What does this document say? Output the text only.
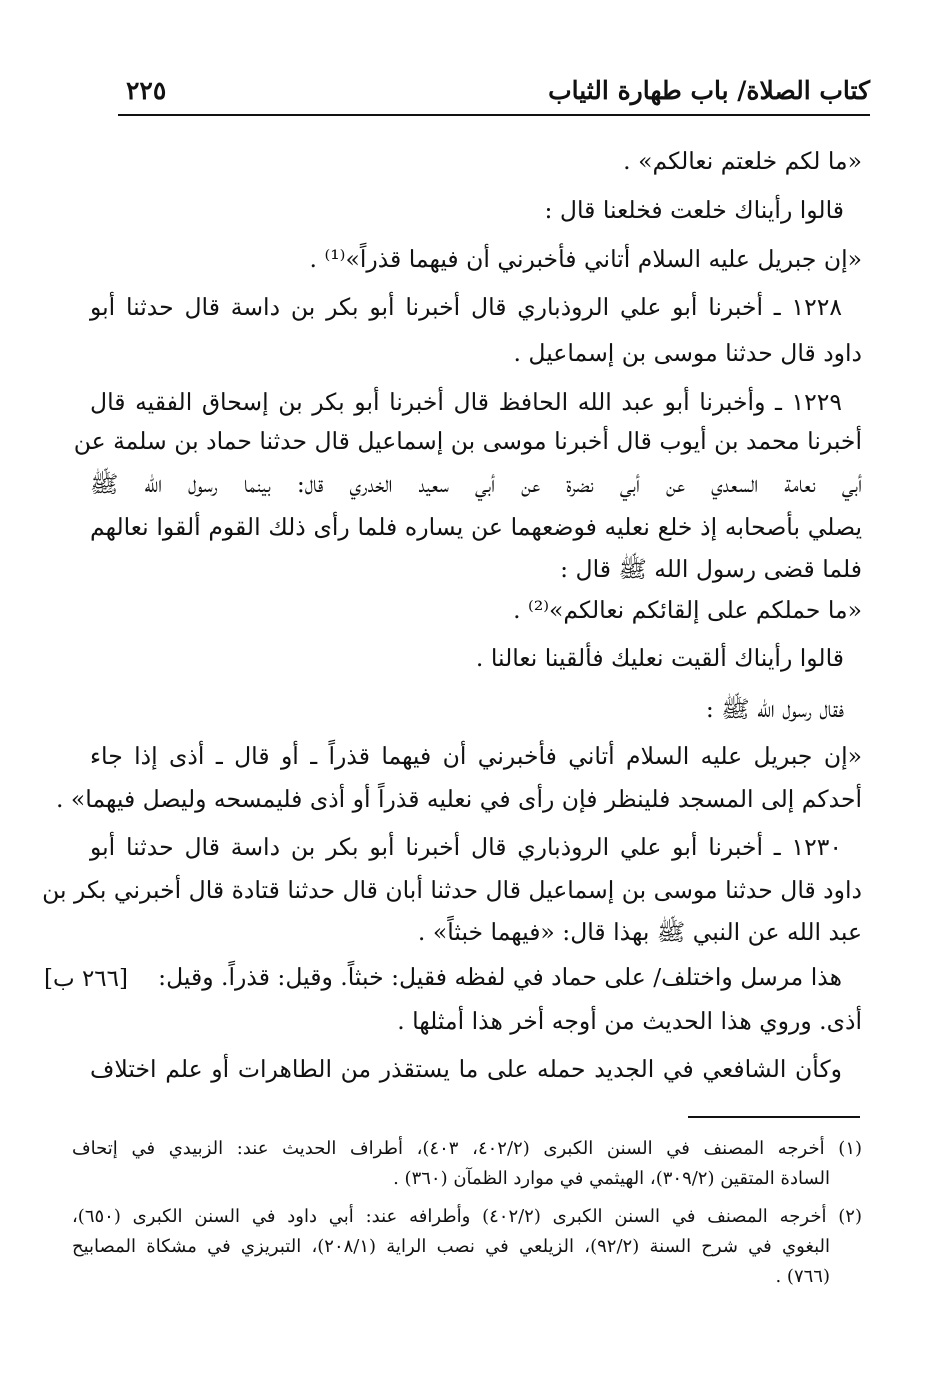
كتاب الصلاة/ باب طهارة الثياب
٢٢٥
«ما لكم خلعتم نعالكم» .
قالوا رأيناك خلعت فخلعنا قال :
«إن جبريل عليه السلام أتاني فأخبرني أن فيهما قذراً»⁽¹⁾ .
١٢٢٨ ـ أخبرنا أبو علي الروذباري قال أخبرنا أبو بكر بن داسة قال حدثنا أبو
داود قال حدثنا موسى بن إسماعيل .
١٢٢٩ ـ وأخبرنا أبو عبد الله الحافظ قال أخبرنا أبو بكر بن إسحاق الفقيه قال
أخبرنا محمد بن أيوب قال أخبرنا موسى بن إسماعيل قال حدثنا حماد بن سلمة عن
أبي نعامة السعدي عن أبي نضرة عن أبي سعيد الخدري قال: بينما رسول الله ﷺ
يصلي بأصحابه إذ خلع نعليه فوضعهما عن يساره فلما رأى ذلك القوم ألقوا نعالهم
فلما قضى رسول الله ﷺ قال :
«ما حملكم على إلقائكم نعالكم»⁽²⁾ .
قالوا رأيناك ألقيت نعليك فألقينا نعالنا .
فقال رسول الله ﷺ :
«إن جبريل عليه السلام أتاني فأخبرني أن فيهما قذراً ـ أو قال ـ أذى إذا جاء
أحدكم إلى المسجد فلينظر فإن رأى في نعليه قذراً أو أذى فليمسحه وليصل فيهما» .
١٢٣٠ ـ أخبرنا أبو علي الروذباري قال أخبرنا أبو بكر بن داسة قال حدثنا أبو
داود قال حدثنا موسى بن إسماعيل قال حدثنا أبان قال حدثنا قتادة قال أخبرني بكر بن
عبد الله عن النبي ﷺ بهذا قال: «فيهما خبثاً» .
هذا مرسل واختلف/ على حماد في لفظه فقيل: خبثاً. وقيل: قذراً. وقيل:
[٢٦٦ ب]
أذى. وروي هذا الحديث من أوجه أخر هذا أمثلها .
وكأن الشافعي في الجديد حمله على ما يستقذر من الطاهرات أو علم اختلاف
(١) أخرجه المصنف في السنن الكبرى (٤٠٢/٢، ٤٠٣)، أطراف الحديث عند: الزبيدي في إتحاف
السادة المتقين (٣٠٩/٢)، الهيثمي في موارد الظمآن (٣٦٠) .
(٢) أخرجه المصنف في السنن الكبرى (٤٠٢/٢) وأطرافه عند: أبي داود في السنن الكبرى (٦٥٠)،
البغوي في شرح السنة (٩٢/٢)، الزيلعي في نصب الراية (٢٠٨/١)، التبريزي في مشكاة المصابيح
(٧٦٦) .
